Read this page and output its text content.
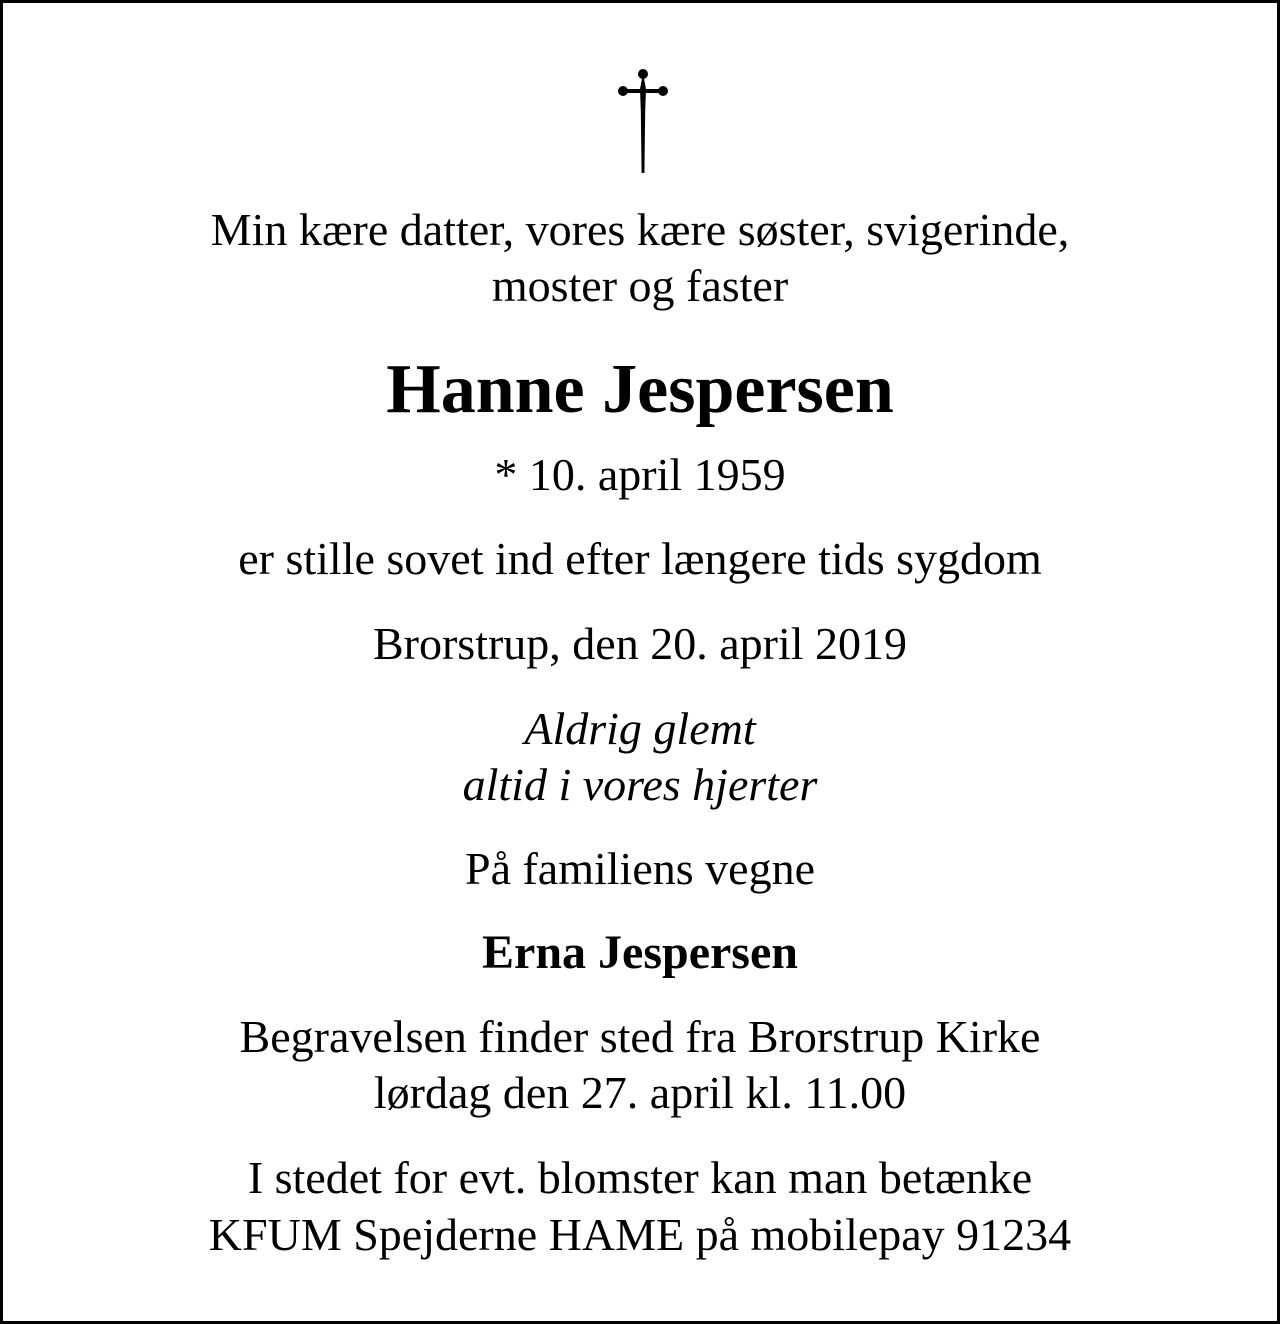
Min kære datter, vores kære søster, svigerinde,

moster og faster

Hanne Jespersen

* 10. april 1959

er stille sovet ind efter længere tids sygdom

Brorstrup, den 20. april 2019

Aldrig glemt

altid i vores hjerter

På familiens vegne

Erna Jespersen

Begravelsen finder sted fra Brorstrup Kirke

lørdag den 27. april kl. 11.00

I stedet for evt. blomster kan man betænke

KFUM Spejderne HAME på mobilepay 91234
